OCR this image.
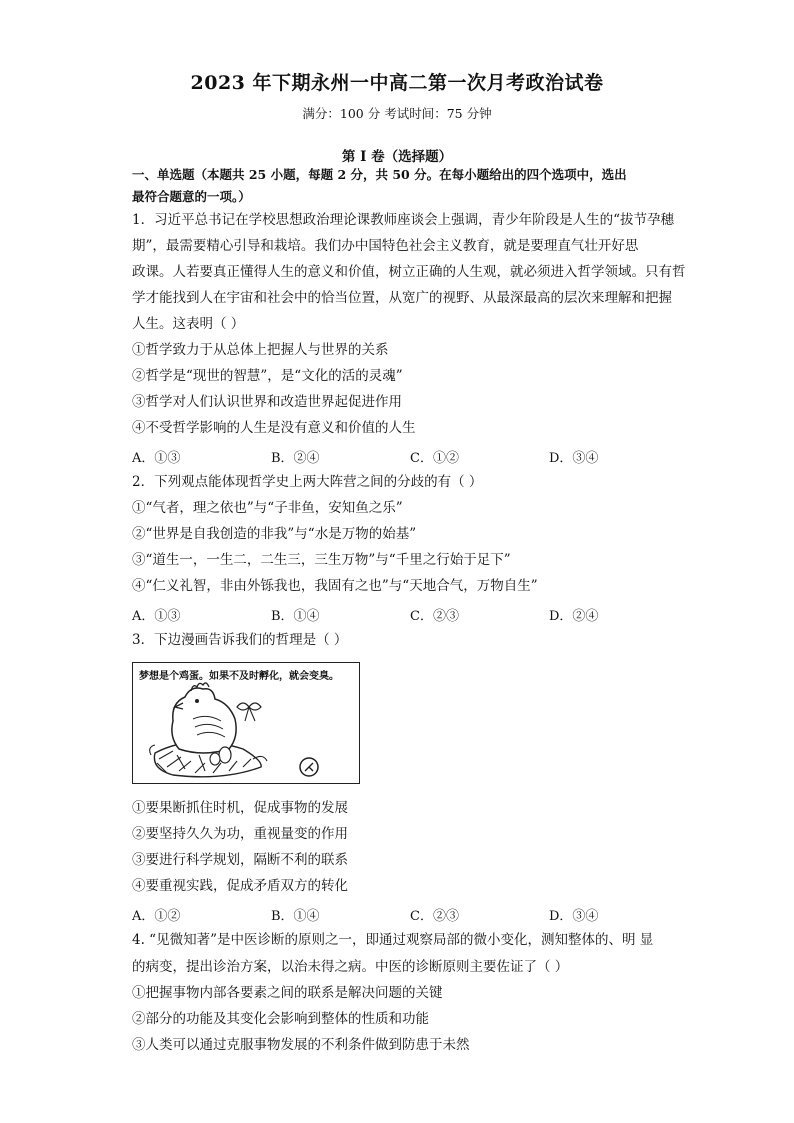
2023 年下期永州一中高二第一次月考政治试卷
满分：100 分 考试时间：75 分钟
第 I 卷（选择题）
一、单选题（本题共 25 小题，每题 2 分，共 50 分。在每小题给出的四个选项中，选出
最符合题意的一项。）
1．习近平总书记在学校思想政治理论课教师座谈会上强调，青少年阶段是人生的“拔节孕穗
期”，最需要精心引导和栽培。我们办中国特色社会主义教育，就是要理直气壮开好思
政课。人若要真正懂得人生的意义和价值，树立正确的人生观，就必须进入哲学领域。只有哲
学才能找到人在宇宙和社会中的恰当位置，从宽广的视野、从最深最高的层次来理解和把握
人生。这表明（ ）
①哲学致力于从总体上把握人与世界的关系
②哲学是“现世的智慧”，是“文化的活的灵魂”
③哲学对人们认识世界和改造世界起促进作用
④不受哲学影响的人生是没有意义和价值的人生
A．①③	B．②④	C．①②	D．③④
2．下列观点能体现哲学史上两大阵营之间的分歧的有（ ）
①“气者，理之依也”与“子非鱼，安知鱼之乐”
②“世界是自我创造的非我”与“水是万物的始基”
③“道生一，一生二，二生三，三生万物”与“千里之行始于足下”
④“仁义礼智，非由外铄我也，我固有之也”与“天地合气，万物自生”
A．①③	B．①④	C．②③	D．②④
3．下边漫画告诉我们的哲理是（ ）
梦想是个鸡蛋。如果不及时孵化，就会变臭。
①要果断抓住时机，促成事物的发展
②要坚持久久为功，重视量变的作用
③要进行科学规划，隔断不利的联系
④要重视实践，促成矛盾双方的转化
A．①②	B．①④	C．②③	D．③④
4. “见微知著”是中医诊断的原则之一，即通过观察局部的微小变化，测知整体的、明 显
的病变，提出诊治方案，以治未得之病。中医的诊断原则主要佐证了（ ）
①把握事物内部各要素之间的联系是解决问题的关键
②部分的功能及其变化会影响到整体的性质和功能
③人类可以通过克服事物发展的不利条件做到防患于未然
